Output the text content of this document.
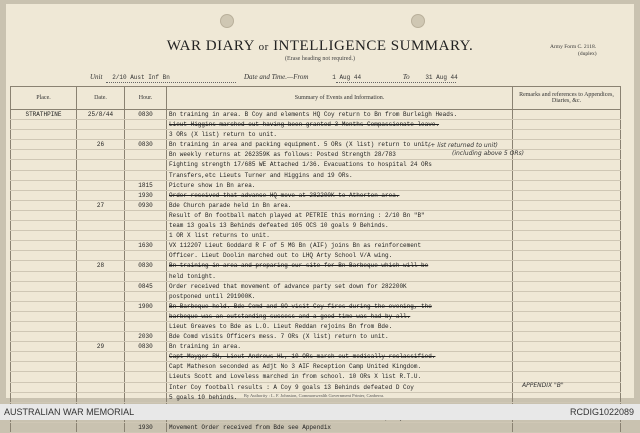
WAR DIARY or INTELLIGENCE SUMMARY.
(Erase heading not required.)
Army Form C. 2118.
(duplex)
Unit 2/10 Aust Inf Bn	Date and Time.—From	1 Aug 44	To	31 Aug 44
Place.	Date.	Hour.	Summary of Events and Information.	Remarks and references to Appendices, Diaries, &c.
STRATHPINE	25/8/44	0830	Bn training in area. B Coy and elements HQ Coy return to Bn from Burleigh Heads.	
			Lieut Higgins marched out having been granted 3 Months Compassionate leave.	
			3 ORs (X list) return to unit.	
	26	0830	Bn training in area and packing equipment. 5 ORs (X list) return to unit.	
			Bn weekly returns at 262359K as follows: Posted Strength 28/783	
			Fighting strength 17/685 WE Attached 1/36. Evacuations to hospital 24 ORs	
			Transfers,etc Lieuts Turner and Higgins and 19 ORs.	
		1815	Picture show in Bn area.	
		1930	Order received that advance HQ move at 282200K to Atherton area.	
	27	0930	Bde Church parade held in Bn area.	
			Result of Bn football match played at PETRIE this morning : 2/10 Bn "B"	
			team 13 goals 13 Behinds defeated 105 OCS 10 goals 9 Behinds.	
			1 OR X list returns to unit.	
		1630	VX 112207 Lieut Goddard R F of 5 MG Bn (AIF) joins Bn as reinforcement	
			Officer. Lieut Doolin marched out to LHQ Arty School V/A wing.	
	28	0830	Bn training in area and preparing our site for Bn Barbeque which will be	
			held tonight.	
		0845	Order received that movement of advance party set down for 282200K	
			postponed until 291900K.	
		1900	Bn Barbeque held. Bde Comd and GO visit Coy fires during the evening, the	
			barbeque was an outstanding success and a good time was had by all.	
			Lieut Greaves to Bde as L.O. Lieut Reddan rejoins Bn from Bde.	
		2030	Bde Comd visits Officers mess. 7 ORs (X list) return to unit.	
	29	0830	Bn training in area.	
			Capt Mayger RH, Lieut Andrews HL, 10 ORs march out medically reclassified.	
			Capt Matheson seconded as Adjt No 3 AIF Reception Camp United Kingdom.	
			Lieuts Scott and Loveless marched in from school. 10 ORs X list R.T.U.	
			Inter Coy football results : A Coy 9 goals 13 Behinds defeated D Coy	
			5 goals 10 behinds.	

		1930	Movement Order received from Bde see Appendix	
(+ list returned to unit)
(including above 5 ORs)
APPENDIX "B"
By Authority : L. F. Johnston, Commonwealth Government Printer, Canberra.
AUSTRALIAN WAR MEMORIAL	RCDIG1022089
